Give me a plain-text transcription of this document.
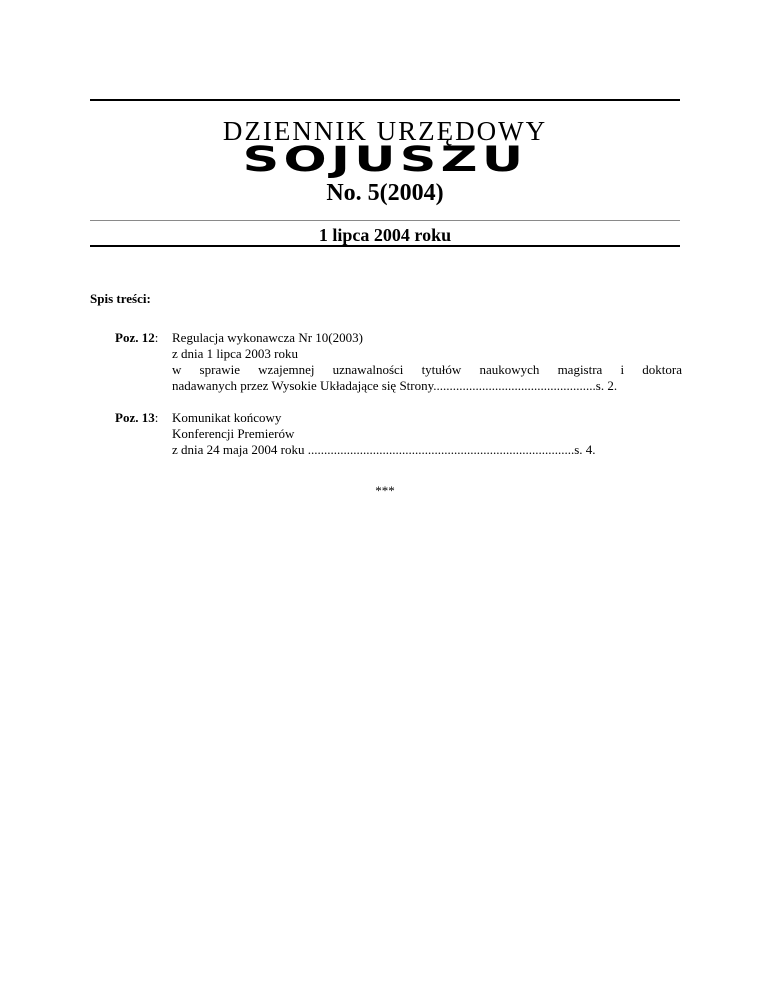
DZIENNIK URZĘDOWY
SOJUSZU
No. 5(2004)
1 lipca 2004 roku
Spis treści:
Poz. 12: Regulacja wykonawcza Nr 10(2003)
z dnia 1 lipca 2003 roku
w sprawie wzajemnej uznawalności tytułów naukowych magistra i doktora
nadawanych przez Wysokie Układające się Strony..................................................s. 2.
Poz. 13: Komunikat końcowy
Konferencji Premierów
z dnia 24 maja 2004 roku ..................................................................................s. 4.
***
